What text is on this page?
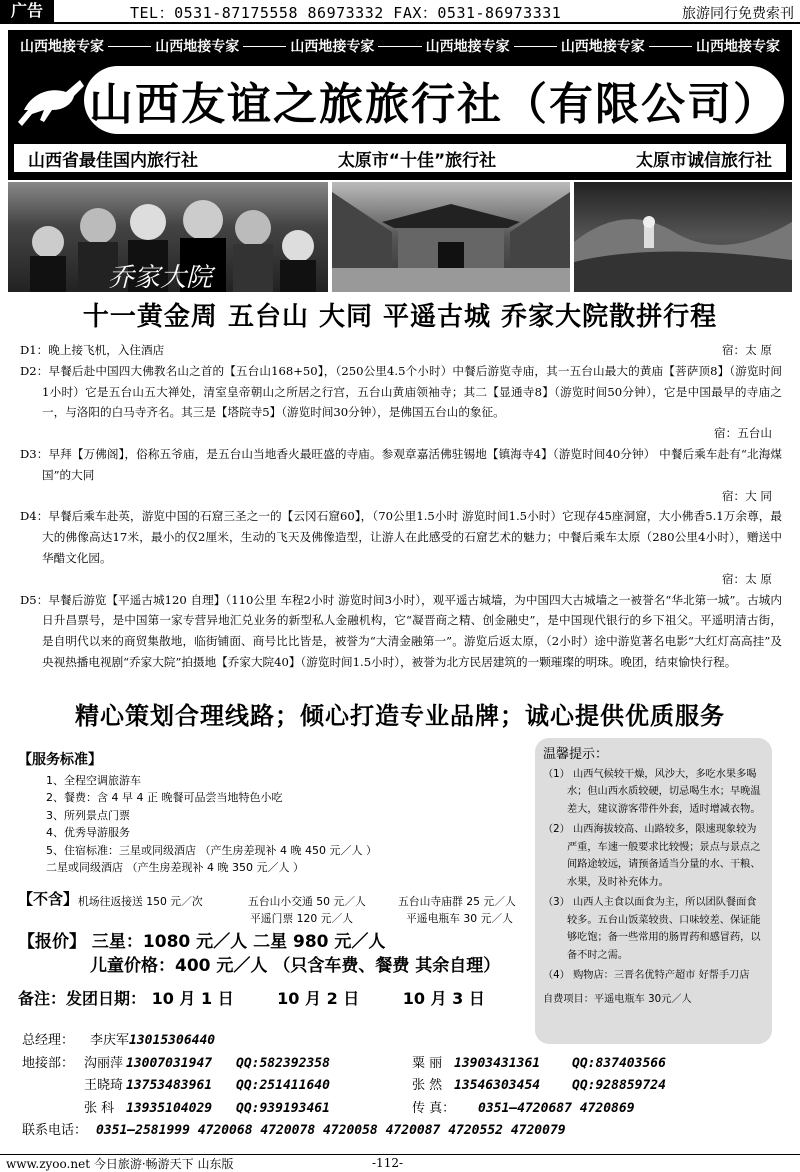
广告	TEL：0531-87175558 86973332 FAX：0531-86973331	旅游同行免费索刊
山西地接专家	山西地接专家	山西地接专家	山西地接专家	山西地接专家	山西地接专家
山西友谊之旅旅行社（有限公司）
山西省最佳国内旅行社	太原市“十佳”旅行社	太原市诚信旅行社
乔家大院
十一黄金周 五台山 大同 平遥古城 乔家大院散拼行程
D1：晚上接飞机，入住酒店	宿：太 原
D2：早餐后赴中国四大佛教名山之首的【五台山168+50】，（250公里4.5个小时）中餐后游览寺庙，其一五台山最大的黄庙【菩萨顶8】（游览时间1小时）它是五台山五大禅处，清室皇帝朝山之所居之行宫，五台山黄庙领袖寺；其二【显通寺8】（游览时间50分钟），它是中国最早的寺庙之一，与洛阳的白马寺齐名。其三是【塔院寺5】（游览时间30分钟），是佛国五台山的象征。
宿：五台山
D3：早拜【万佛阁】，俗称五爷庙，是五台山当地香火最旺盛的寺庙。参观章嘉活佛驻锡地【镇海寺4】（游览时间40分钟） 中餐后乘车赴有“北海煤国”的大同
宿：大 同
D4：早餐后乘车赴英，游览中国的石窟三圣之一的【云冈石窟60】，（70公里1.5小时 游览时间1.5小时）它现存45座洞窟，大小佛香5.1万余尊，最大的佛像高达17米，最小的仅2厘米，生动的飞天及佛像造型，让游人在此感受的石窟艺术的魅力；中餐后乘车太原（280公里4小时），赠送中华醋文化园。
宿：太 原
D5：早餐后游览【平遥古城120 自理】（110公里 车程2小时 游览时间3小时），观平遥古城墙，为中国四大古城墙之一被誉名“华北第一城”。古城内日升昌票号，是中国第一家专营异地汇兑业务的新型私人金融机构，它“凝晋商之精、创金融史”，是中国现代银行的乡下祖父。平遥明清古街，是自明代以来的商贸集散地，临街铺面、商号比比皆是，被誉为“大清金融第一”。游览后返太原，（2小时）途中游览著名电影“大红灯高高挂”及央视热播电视剧“乔家大院”拍摄地【乔家大院40】（游览时间1.5小时），被誉为北方民居建筑的一颗璀璨的明珠。晚团，结束愉快行程。
精心策划合理线路；倾心打造专业品牌；诚心提供优质服务
【服务标准】
1、全程空调旅游车
2、餐费：含 4 早 4 正 晚餐可品尝当地特色小吃
3、所列景点门票
4、优秀导游服务
5、住宿标准：三星或同级酒店 （产生房差现补 4 晚 450 元／人 ）
二星或同级酒店 （产生房差现补 4 晚 350 元／人 ）
【不含】 机场往返接送 150 元／次	五台山小交通 50 元／人	五台山寺庙群 25 元／人
平遥门票 120 元／人	平遥电瓶车 30 元／人
【报价】 三星：1080 元／人 二星 980 元／人
儿童价格：400 元／人 （只含车费、餐费 其余自理）
备注：发团日期： 10 月 1 日	10 月 2 日	10 月 3 日
温馨提示：
（1） 山西气候较干燥，风沙大，多吃水果多喝水；但山西水质较硬，切忌喝生水；早晚温差大，建议游客带件外套，适时增减衣物。
（2） 山西海拔较高、山路较多，限速现象较为严重，车速一般要求比较慢；景点与景点之间路途较远，请预备适当分量的水、干粮、水果，及时补充体力。
（3） 山西人主食以面食为主，所以团队餐面食较多。五台山饭菜较贵、口味较差、保证能够吃饱；备一些常用的肠胃药和感冒药，以备不时之需。
（4） 购物店：三晋名优特产超市 好帮手刀店
自费项目：平遥电瓶车 30元／人
总经理： 李庆军 13015306440
地接部： 沟丽萍 13007031947	QQ:582392358	粟 丽 13903431361	QQ:837403566
王晓琦 13753483961	QQ:251411640	张 然 13546303454	QQ:928859724
张 科 13935104029	QQ:939193461	传 真：	0351—4720687 4720869
联系电话： 0351—2581999 4720068 4720078 4720058 4720087 4720552 4720079
www.zyoo.net 今日旅游·畅游天下 山东版	-112-
